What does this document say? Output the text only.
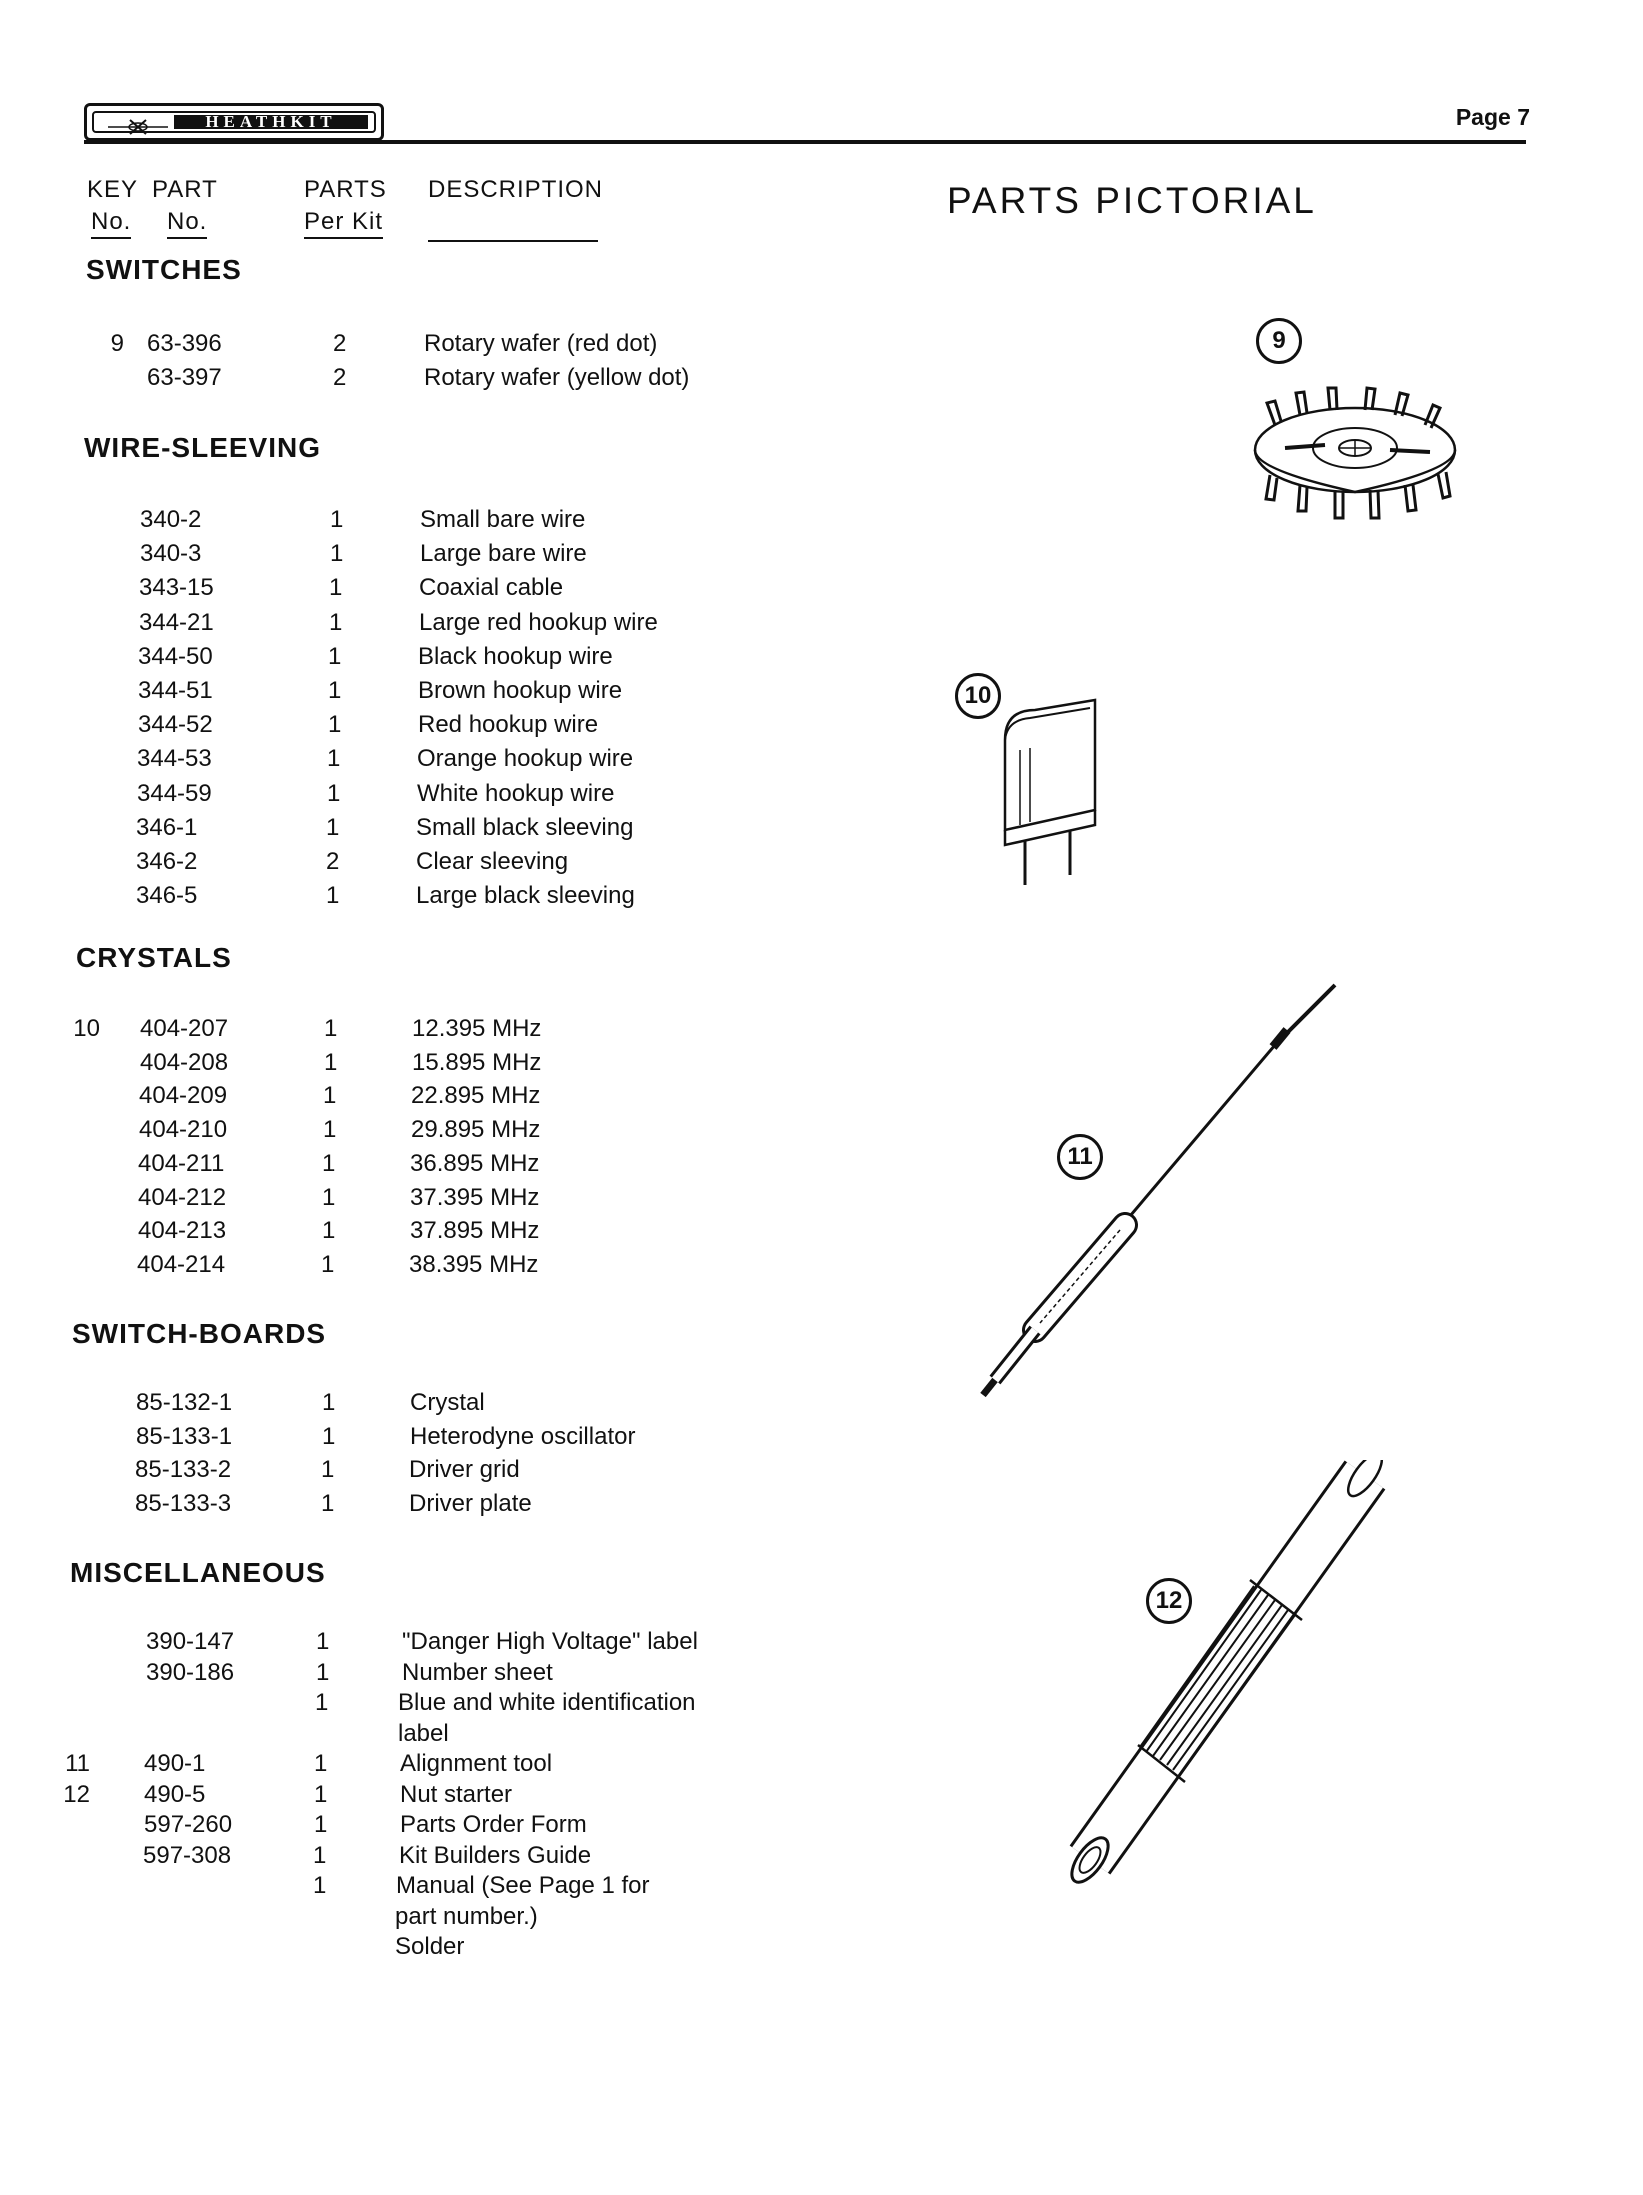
HEATHKIT	Page 7
KEY PART	PARTS DESCRIPTION
No. No.	Per Kit
PARTS PICTORIAL
SWITCHES
9 63-396	2	Rotary wafer (red dot)
63-397	2	Rotary wafer (yellow dot)
WIRE-SLEEVING
340-2	1	Small bare wire
340-3	1	Large bare wire
343-15	1	Coaxial cable
344-21	1	Large red hookup wire
344-50	1	Black hookup wire
344-51	1	Brown hookup wire
344-52	1	Red hookup wire
344-53	1	Orange hookup wire
344-59	1	White hookup wire
346-1	1	Small black sleeving
346-2	2	Clear sleeving
346-5	1	Large black sleeving
CRYSTALS
10 404-207	1	12.395 MHz
404-208	1	15.895 MHz
404-209	1	22.895 MHz
404-210	1	29.895 MHz
404-211	1	36.895 MHz
404-212	1	37.395 MHz
404-213	1	37.895 MHz
404-214	1	38.395 MHz
SWITCH-BOARDS
85-132-1	1	Crystal
85-133-1	1	Heterodyne oscillator
85-133-2	1	Driver grid
85-133-3	1	Driver plate
MISCELLANEOUS
390-147	1	"Danger High Voltage" label
390-186	1	Number sheet
1	Blue and white identification
label
11 490-1	1	Alignment tool
12 490-5	1	Nut starter
597-260	1	Parts Order Form
597-308	1	Kit Builders Guide
1	Manual (See Page 1 for
part number.)
Solder
9
10
11
12
